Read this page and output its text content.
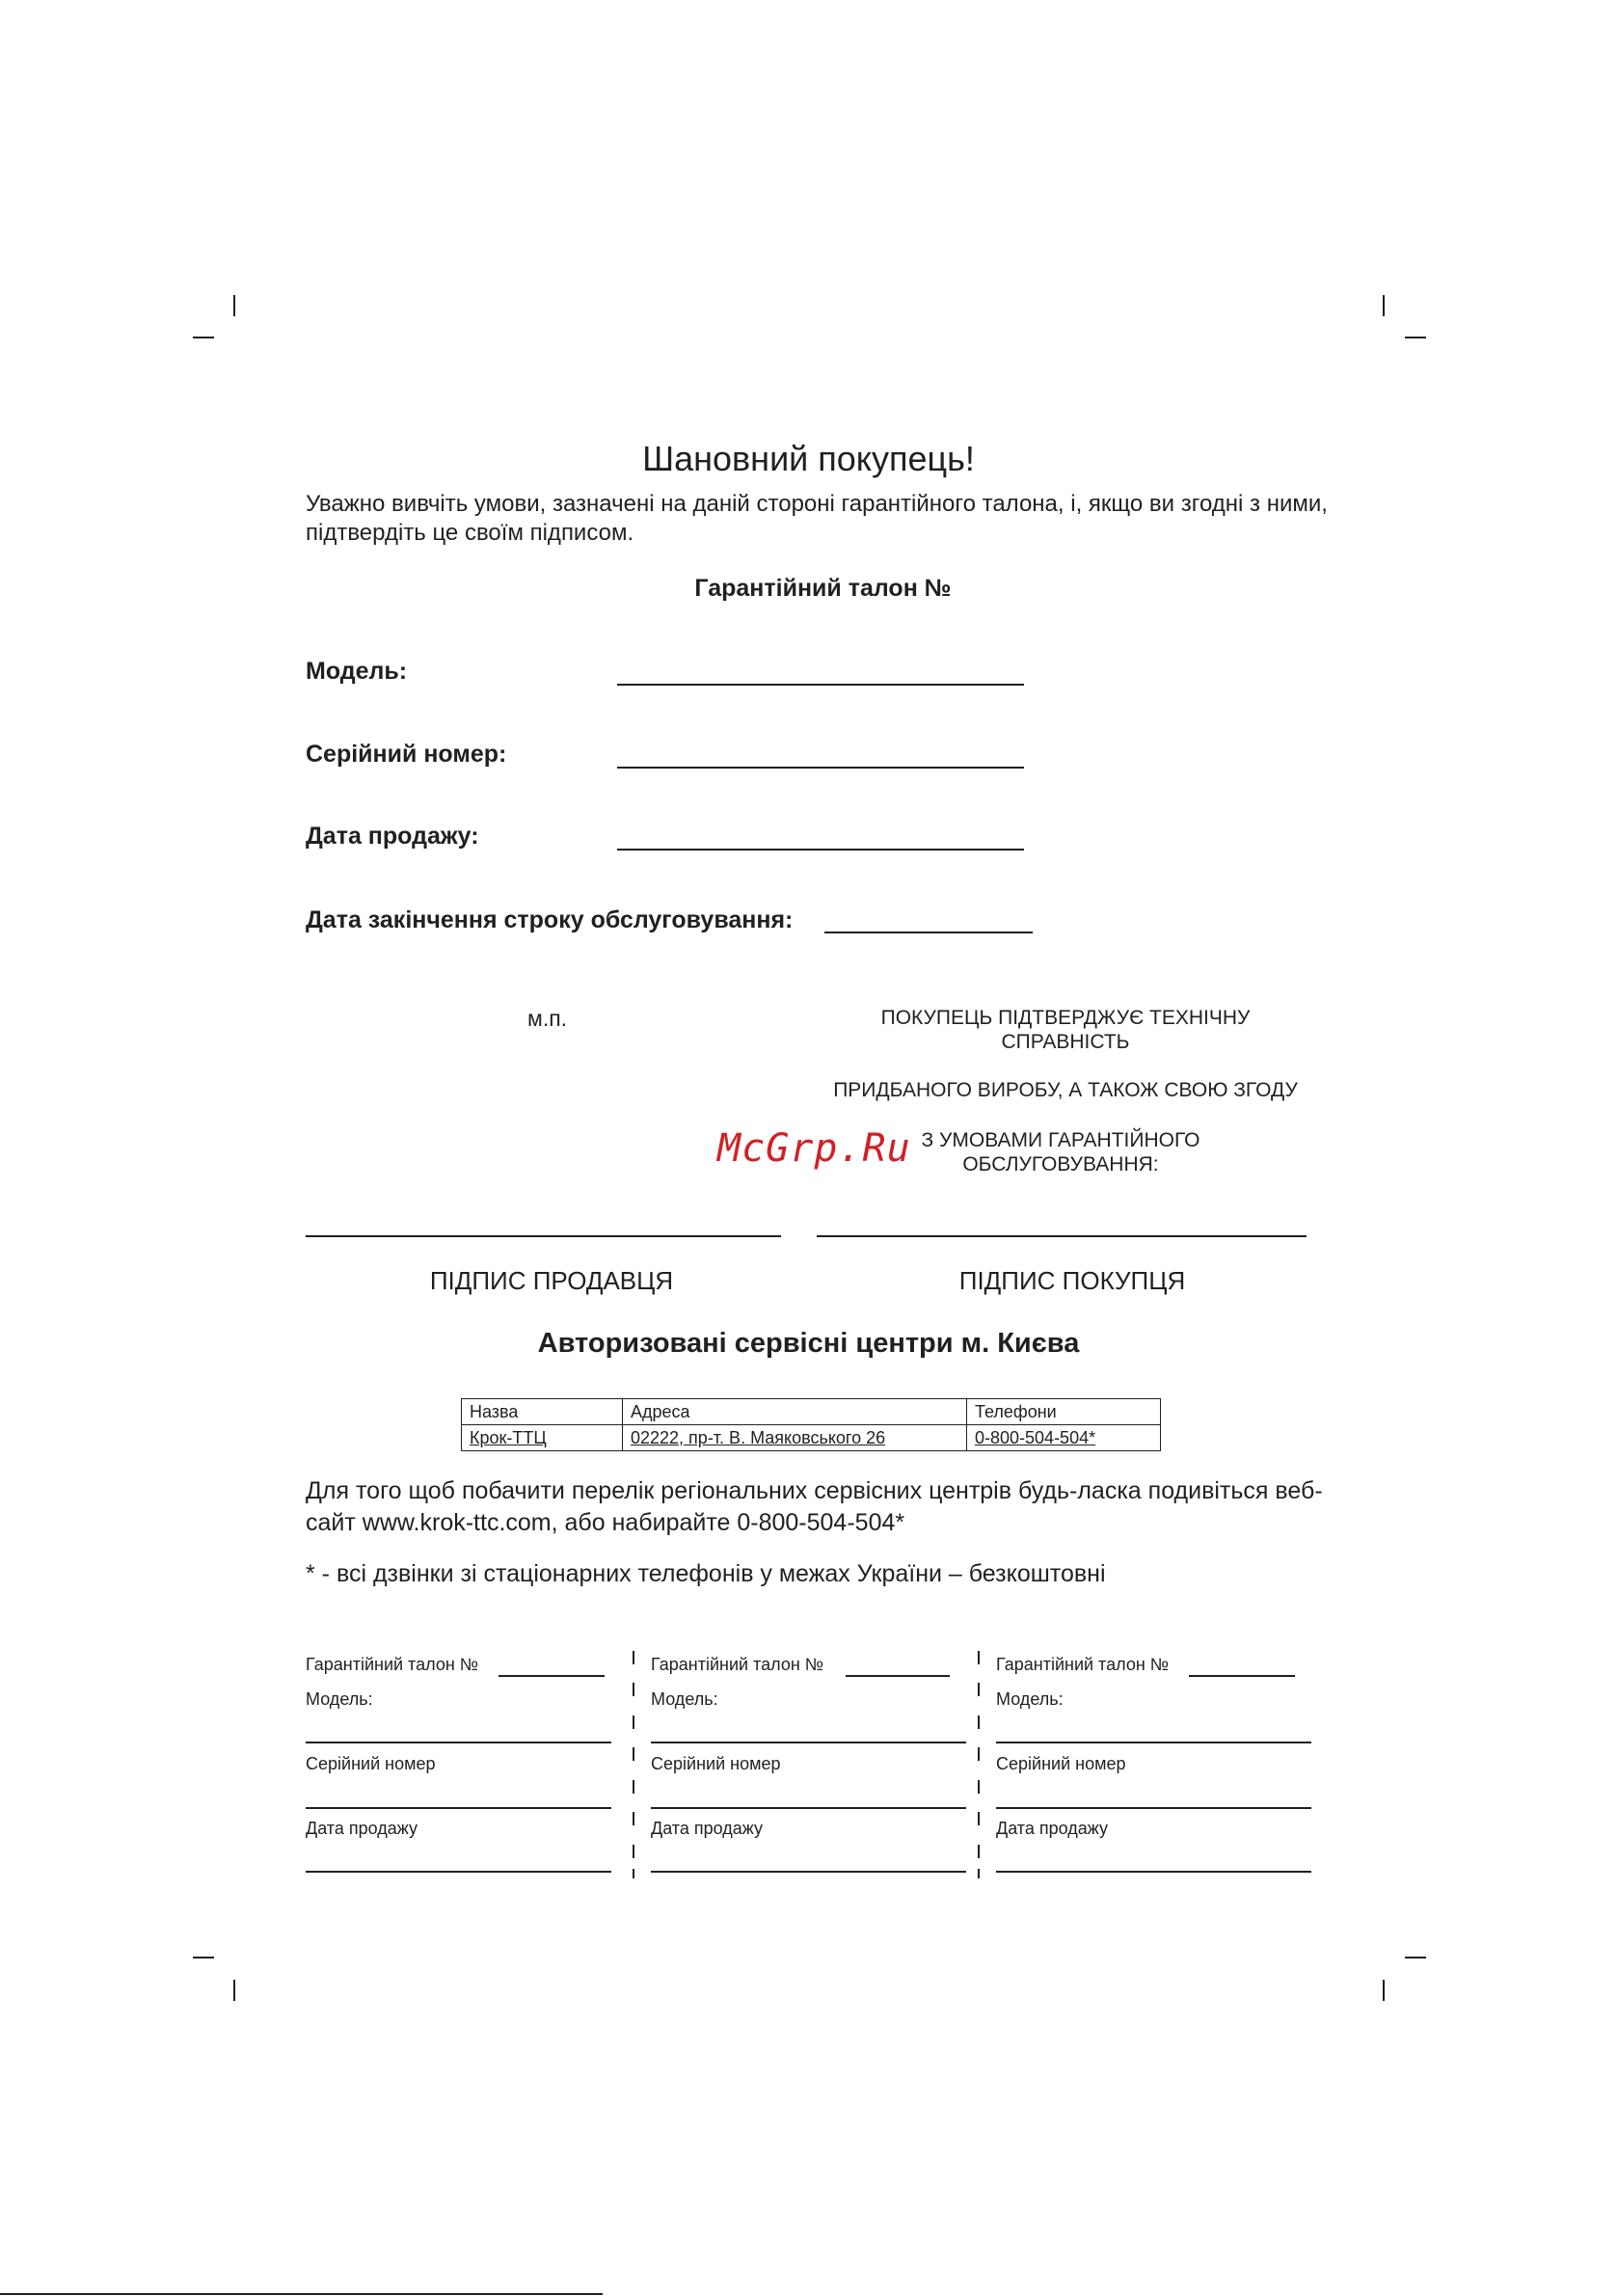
Шановний покупець!
Уважно вивчіть умови, зазначені на даній стороні гарантійного талона, і, якщо ви згодні з ними, підтвердіть це своїм підписом.
Гарантійний талон №
Модель:
Серійний номер:
Дата продажу:
Дата закінчення строку обслуговування:
м.п.	ПОКУПЕЦЬ ПІДТВЕРДЖУЄ ТЕХНІЧНУ
СПРАВНІСТЬ
ПРИДБАНОГО ВИРОБУ, А ТАКОЖ СВОЮ ЗГОДУ
З УМОВАМИ ГАРАНТІЙНОГО
ОБСЛУГОВУВАННЯ:
McGrp.Ru
ПІДПИС ПРОДАВЦЯ	ПІДПИС ПОКУПЦЯ
Авторизовані сервісні центри м. Києва
Назва	Адреса	Телефони
Крок-ТТЦ	02222, пр-т. В. Маяковського 26	0-800-504-504*
Для того щоб побачити перелік регіональних сервісних центрів будь-ласка подивіться веб-сайт www.krok-ttc.com, або набирайте 0-800-504-504*
* - всі дзвінки зі стаціонарних телефонів у межах України – безкоштовні
Гарантійний талон №
Модель:
Серійний номер
Дата продажу
Гарантійний талон №
Модель:
Серійний номер
Дата продажу
Гарантійний талон №
Модель:
Серійний номер
Дата продажу
